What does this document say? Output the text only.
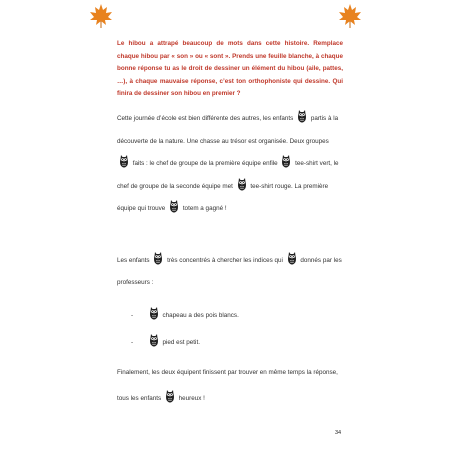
Le hibou a attrapé beaucoup de mots dans cette histoire. Remplace chaque hibou par « son » ou « sont ». Prends une feuille blanche, à chaque bonne réponse tu as le droit de dessiner un élément du hibou (aile, pattes, …), à chaque mauvaise réponse, c’est ton orthophoniste qui dessine. Qui finira de dessiner son hibou en premier ?
Cette journée d’école est bien différente des autres, les enfants	partis à la découverte de la nature. Une chasse au trésor est organisée. Deux groupes

faits : le chef de groupe de la première équipe enfile	tee-shirt vert, le chef de groupe de la seconde équipe met	tee-shirt rouge. La première équipe qui trouve	totem a gagné !
Les enfants	très concentrés à chercher les indices qui	donnés par les professeurs :
-	chapeau a des pois blancs.
-	pied est petit.
Finalement, les deux équipent finissent par trouver en même temps la réponse, tous les enfants	heureux !
34
